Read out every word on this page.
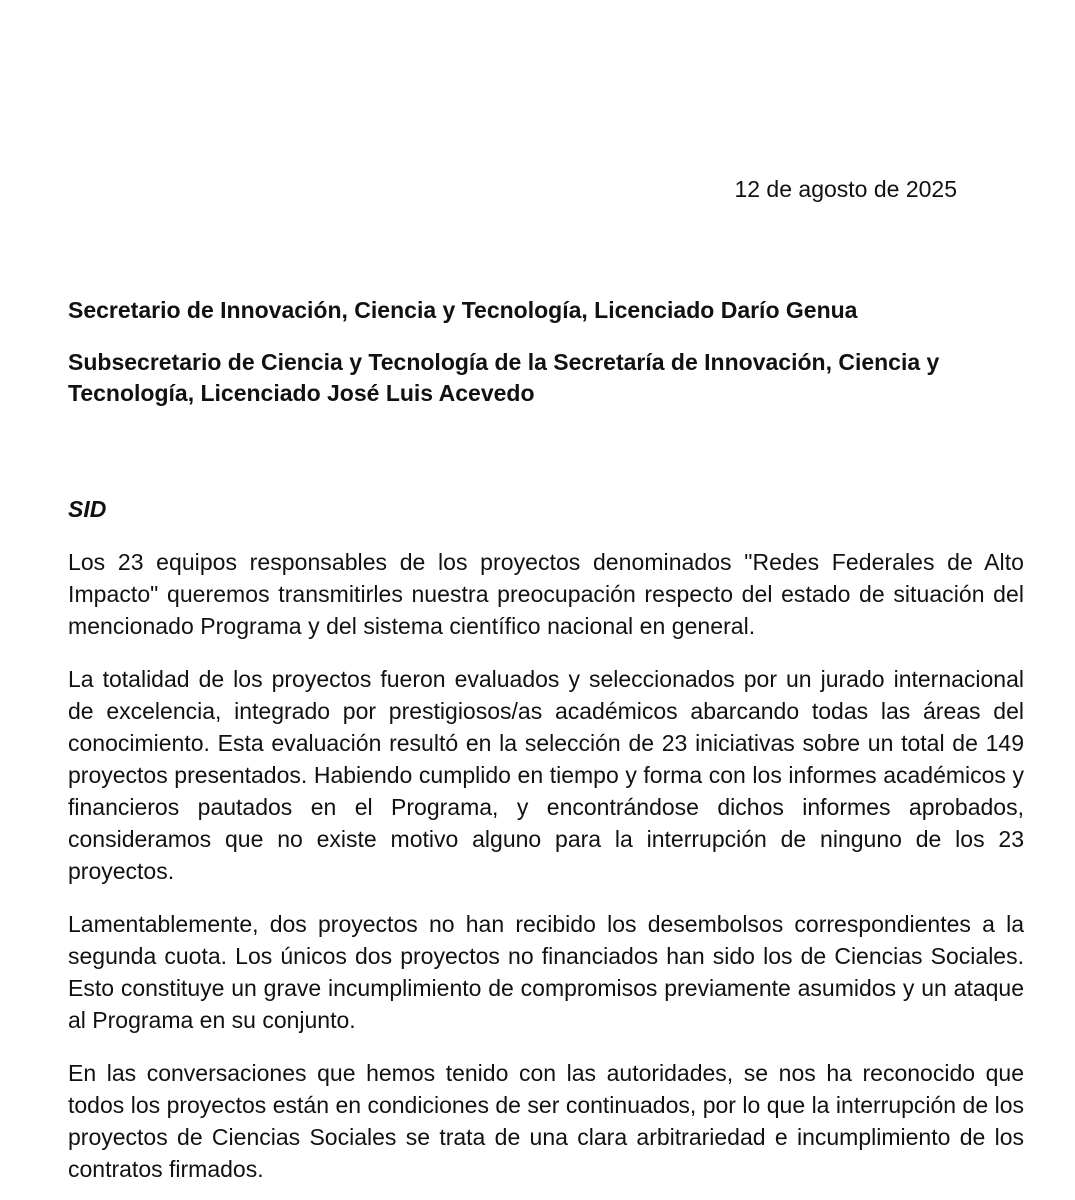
12 de agosto de 2025

Secretario de Innovación, Ciencia y Tecnología, Licenciado Darío Genua

Subsecretario de Ciencia y Tecnología de la Secretaría de Innovación, Ciencia y Tecnología, Licenciado José Luis Acevedo

SID

Los 23 equipos responsables de los proyectos denominados "Redes Federales de Alto Impacto" queremos transmitirles nuestra preocupación respecto del estado de situación del mencionado Programa y del sistema científico nacional en general.

La totalidad de los proyectos fueron evaluados y seleccionados por un jurado internacional de excelencia, integrado por prestigiosos/as académicos abarcando todas las áreas del conocimiento. Esta evaluación resultó en la selección de 23 iniciativas sobre un total de 149 proyectos presentados. Habiendo cumplido en tiempo y forma con los informes académicos y financieros pautados en el Programa, y encontrándose dichos informes aprobados, consideramos que no existe motivo alguno para la interrupción de ninguno de los 23 proyectos.

Lamentablemente, dos proyectos no han recibido los desembolsos correspondientes a la segunda cuota. Los únicos dos proyectos no financiados han sido los de Ciencias Sociales. Esto constituye un grave incumplimiento de compromisos previamente asumidos y un ataque al Programa en su conjunto.

En las conversaciones que hemos tenido con las autoridades, se nos ha reconocido que todos los proyectos están en condiciones de ser continuados, por lo que la interrupción de los proyectos de Ciencias Sociales se trata de una clara arbitrariedad e incumplimiento de los contratos firmados.
